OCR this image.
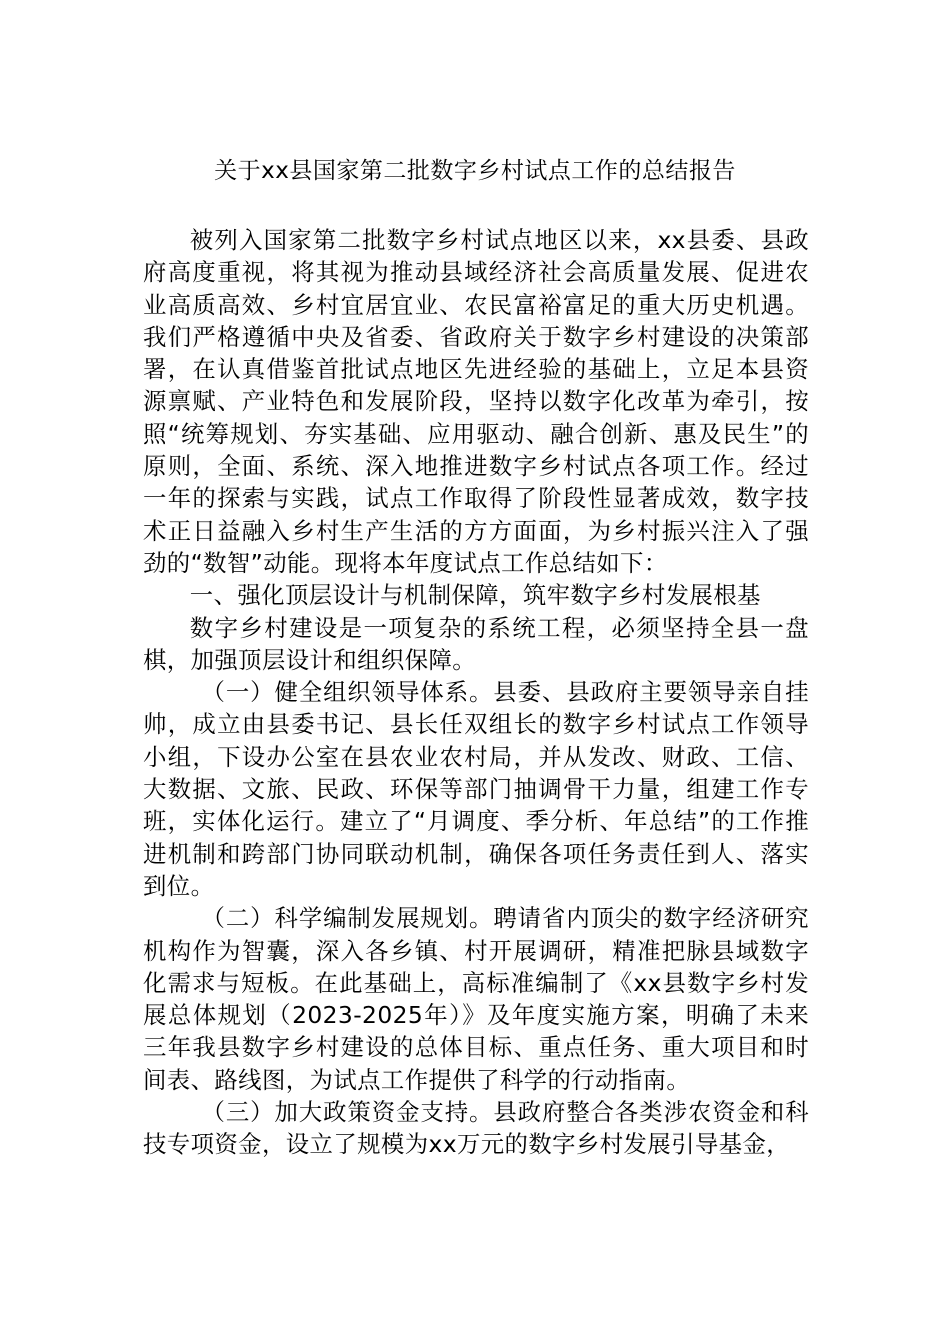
关于xx县国家第二批数字乡村试点工作的总结报告

被列入国家第二批数字乡村试点地区以来，xx县委、县政府高度重视，将其视为推动县域经济社会高质量发展、促进农业高质高效、乡村宜居宜业、农民富裕富足的重大历史机遇。我们严格遵循中央及省委、省政府关于数字乡村建设的决策部署，在认真借鉴首批试点地区先进经验的基础上，立足本县资源禀赋、产业特色和发展阶段，坚持以数字化改革为牵引，按照“统筹规划、夯实基础、应用驱动、融合创新、惠及民生”的原则，全面、系统、深入地推进数字乡村试点各项工作。经过一年的探索与实践，试点工作取得了阶段性显著成效，数字技术正日益融入乡村生产生活的方方面面，为乡村振兴注入了强劲的“数智”动能。现将本年度试点工作总结如下：

一、强化顶层设计与机制保障，筑牢数字乡村发展根基

数字乡村建设是一项复杂的系统工程，必须坚持全县一盘棋，加强顶层设计和组织保障。

（一）健全组织领导体系。县委、县政府主要领导亲自挂帅，成立由县委书记、县长任双组长的数字乡村试点工作领导小组，下设办公室在县农业农村局，并从发改、财政、工信、大数据、文旅、民政、环保等部门抽调骨干力量，组建工作专班，实体化运行。建立了“月调度、季分析、年总结”的工作推进机制和跨部门协同联动机制，确保各项任务责任到人、落实到位。

（二）科学编制发展规划。聘请省内顶尖的数字经济研究机构作为智囊，深入各乡镇、村开展调研，精准把脉县域数字化需求与短板。在此基础上，高标准编制了《xx县数字乡村发展总体规划（2023-2025年）》及年度实施方案，明确了未来三年我县数字乡村建设的总体目标、重点任务、重大项目和时间表、路线图，为试点工作提供了科学的行动指南。

（三）加大政策资金支持。县政府整合各类涉农资金和科技专项资金，设立了规模为xx万元的数字乡村发展引导基金，
